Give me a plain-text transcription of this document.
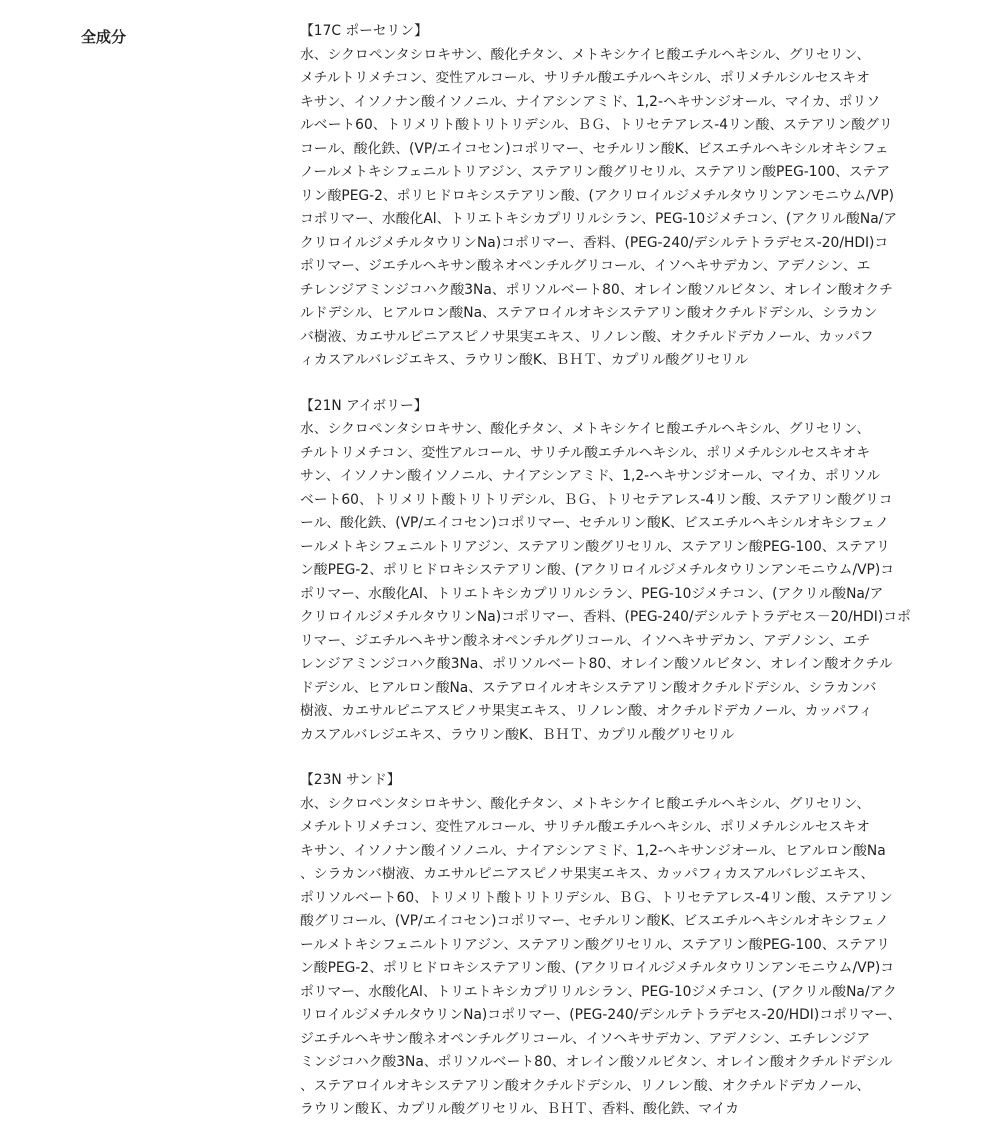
全成分	【17C ポーセリン】

水、シクロペンタシロキサン、酸化チタン、メトキシケイヒ酸エチルヘキシル、グリセリン、

メチルトリメチコン、変性アルコール、サリチル酸エチルヘキシル、ポリメチルシルセスキオ

キサン、イソノナン酸イソノニル、ナイアシンアミド、1,2-ヘキサンジオール、マイカ、ポリソ

ルベート60、トリメリト酸トリトリデシル、ＢＧ、トリセテアレス-4リン酸、ステアリン酸グリ

コール、酸化鉄、(VP/エイコセン)コポリマー、セチルリン酸K、ビスエチルヘキシルオキシフェ

ノールメトキシフェニルトリアジン、ステアリン酸グリセリル、ステアリン酸PEG-100、ステア

リン酸PEG-2、ポリヒドロキシステアリン酸、(アクリロイルジメチルタウリンアンモニウム/VP)

コポリマー、水酸化Al、トリエトキシカプリリルシラン、PEG-10ジメチコン、(アクリル酸Na/ア

クリロイルジメチルタウリンNa)コポリマー、香料、(PEG-240/デシルテトラデセス-20/HDI)コ

ポリマー、ジエチルヘキサン酸ネオペンチルグリコール、イソヘキサデカン、アデノシン、エ

チレンジアミンジコハク酸3Na、ポリソルベート80、オレイン酸ソルビタン、オレイン酸オクチ

ルドデシル、ヒアルロン酸Na、ステアロイルオキシステアリン酸オクチルドデシル、シラカン

バ樹液、カエサルピニアスピノサ果実エキス、リノレン酸、オクチルドデカノール、カッパフ

ィカスアルバレジエキス、ラウリン酸K、ＢＨＴ、カプリル酸グリセリル

【21N アイボリー】

水、シクロペンタシロキサン、酸化チタン、メトキシケイヒ酸エチルヘキシル、グリセリン、

チルトリメチコン、変性アルコール、サリチル酸エチルヘキシル、ポリメチルシルセスキオキ

サン、イソノナン酸イソノニル、ナイアシンアミド、1,2-ヘキサンジオール、マイカ、ポリソル

ベート60、トリメリト酸トリトリデシル、ＢＧ、トリセテアレス-4リン酸、ステアリン酸グリコ

ール、酸化鉄、(VP/エイコセン)コポリマー、セチルリン酸K、ビスエチルヘキシルオキシフェノ

ールメトキシフェニルトリアジン、ステアリン酸グリセリル、ステアリン酸PEG-100、ステアリ

ン酸PEG-2、ポリヒドロキシステアリン酸、(アクリロイルジメチルタウリンアンモニウム/VP)コ

ポリマー、水酸化Al、トリエトキシカプリリルシラン、PEG-10ジメチコン、(アクリル酸Na/ア

クリロイルジメチルタウリンNa)コポリマー、香料、(PEG-240/デシルテトラデセス－20/HDI)コポ

リマー、ジエチルヘキサン酸ネオペンチルグリコール、イソヘキサデカン、アデノシン、エチ

レンジアミンジコハク酸3Na、ポリソルベート80、オレイン酸ソルビタン、オレイン酸オクチル

ドデシル、ヒアルロン酸Na、ステアロイルオキシステアリン酸オクチルドデシル、シラカンバ

樹液、カエサルピニアスピノサ果実エキス、リノレン酸、オクチルドデカノール、カッパフィ

カスアルバレジエキス、ラウリン酸K、ＢＨＴ、カプリル酸グリセリル

【23N サンド】

水、シクロペンタシロキサン、酸化チタン、メトキシケイヒ酸エチルヘキシル、グリセリン、

メチルトリメチコン、変性アルコール、サリチル酸エチルヘキシル、ポリメチルシルセスキオ

キサン、イソノナン酸イソノニル、ナイアシンアミド、1,2-ヘキサンジオール、ヒアルロン酸Na

、シラカンバ樹液、カエサルピニアスピノサ果実エキス、カッパフィカスアルバレジエキス、

ポリソルベート60、トリメリト酸トリトリデシル、ＢＧ、トリセテアレス-4リン酸、ステアリン

酸グリコール、(VP/エイコセン)コポリマー、セチルリン酸K、ビスエチルヘキシルオキシフェノ

ールメトキシフェニルトリアジン、ステアリン酸グリセリル、ステアリン酸PEG-100、ステアリ

ン酸PEG-2、ポリヒドロキシステアリン酸、(アクリロイルジメチルタウリンアンモニウム/VP)コ

ポリマー、水酸化Al、トリエトキシカプリリルシラン、PEG-10ジメチコン、(アクリル酸Na/アク

リロイルジメチルタウリンNa)コポリマー、(PEG-240/デシルテトラデセス-20/HDI)コポリマー、

ジエチルヘキサン酸ネオペンチルグリコール、イソヘキサデカン、アデノシン、エチレンジア

ミンジコハク酸3Na、ポリソルベート80、オレイン酸ソルビタン、オレイン酸オクチルドデシル

、ステアロイルオキシステアリン酸オクチルドデシル、リノレン酸、オクチルドデカノール、

ラウリン酸Ｋ、カプリル酸グリセリル、ＢＨＴ、香料、酸化鉄、マイカ
